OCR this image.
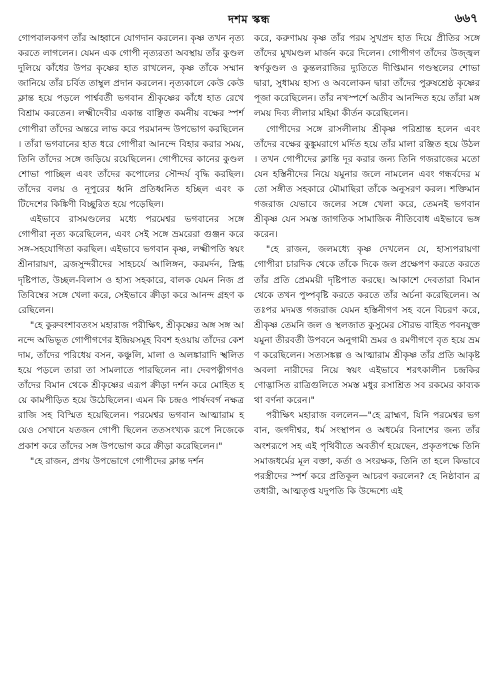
দশম স্কন্ধ	৬৬৭

গোপবালকগণ তাঁর আহ্বানে যোগদান করলেন। কৃষ্ণ তখন নৃত্য করতে লাগলেন। যেমন এক গোপী নৃত্যরতা অবস্থায় তাঁর কুণ্ডল দুলিয়ে কাঁধের উপর কৃষ্ণের হাত রাখলেন, কৃষ্ণ তাঁকে সম্মান জানিয়ে তাঁর চর্বিত তাম্বুল প্রদান করলেন। নৃত্যকালে কেউ কেউ ক্লান্ত হয়ে পড়লে পার্শ্ববর্তী ভগবান শ্রীকৃষ্ণের কাঁধে হাত রেখে বিশ্রাম করতেন। লক্ষ্মীদেবীর একান্ত বাঞ্ছিত কমনীয় বক্ষের স্পর্শ গোপীরা তাঁদের অন্তরে লাভ করে পরমানন্দ উপভোগ করছিলেন। তাঁরা ভগবানের হাত ধরে গোপীরা আনন্দে বিহার করার সময়, তিনি তাঁদের সঙ্গে জড়িয়ে রয়েছিলেন। গোপীদের কানের কুণ্ডল শোভা পাচ্ছিল এবং তাঁদের কপোলের সৌন্দর্য বৃদ্ধি করছিল। তাঁদের বলয় ও নূপুরের ধ্বনি প্রতিধ্বনিত হচ্ছিল এবং কটিদেশের কিঙ্কিণী বিচ্ছুরিত হয়ে পড়েছিল।

এইভাবে রাসমণ্ডলের মধ্যে পরমেশ্বর ভগবানের সঙ্গে গোপীরা নৃত্য করেছিলেন, এবং সেই সঙ্গে ভ্রমরেরা গুঞ্জন করে সঙ্গ-সহযোগিতা করছিল। এইভাবে ভগবান কৃষ্ণ, লক্ষ্মীপতি স্বয়ং শ্রীনারায়ণ, ব্রজসুন্দরীদের সাহচর্যে আলিঙ্গন, করমর্দন, স্নিগ্ধ দৃষ্টিপাত, উচ্ছল-বিলাস ও হাস্য সহকারে, বালক যেমন নিজ প্রতিবিম্বের সঙ্গে খেলা করে, সেইভাবে ক্রীড়া করে আনন্দ গ্রহণ করেছিলেন।

"হে কুরুবংশাবতংস মহারাজ পরীক্ষিৎ, শ্রীকৃষ্ণের অঙ্গ সঙ্গ আনন্দে অভিভূত গোপীগণের ইন্দ্রিয়সমূহ বিবশ হওয়ায় তাঁদের কেশদাম, তাঁদের পরিধেয় বসন, কঞ্চুলি, মালা ও অলঙ্কারাদি স্খলিত হয়ে পড়লে তারা তা সামলাতে পারছিলেন না। দেবপত্নীগণও তাঁদের বিমান থেকে শ্রীকৃষ্ণের এরূপ ক্রীড়া দর্শন করে মোহিত হয়ে কামপীড়িত হয়ে উঠেছিলেন। এমন কি চন্দ্রও পার্ষদবর্গ নক্ষত্ররাজি সহ বিস্মিত হয়েছিলেন। পরমেশ্বর ভগবান আত্মারাম হয়েও সেখানে যতজন গোপী ছিলেন ততসংখ্যক রূপে নিজেকে প্রকাশ করে তাঁদের সঙ্গ উপভোগ করে ক্রীড়া করেছিলেন।"

"হে রাজন, প্রণয় উপভোগে গোপীদের ক্লান্ত দর্শন

করে, করুণাময় কৃষ্ণ তাঁর পরম সুখপ্রদ হাত দিয়ে প্রীতির সঙ্গে তাঁদের মুখমণ্ডল মার্জন করে দিলেন। গোপীগণ তাঁদের উজ্জ্বল স্বর্ণকুণ্ডল ও কুন্তলরাজির দ্যুতিতে দীপ্তিমান গণ্ডস্থলের শোভা দ্বারা, সুধাময় হাস্য ও অবলোকন দ্বারা তাঁদের পুরুষশ্রেষ্ঠ কৃষ্ণের পূজা করেছিলেন। তাঁর নখস্পর্শে অতীব আনন্দিত হয়ে তাঁরা মঙ্গলময় দিব্য লীলার মহিমা কীর্তন করেছিলেন।

গোপীদের সঙ্গে রাসলীলায় শ্রীকৃষ্ণ পরিশ্রান্ত হলেন এবং তাঁদের বক্ষের কুঙ্কুমরাগে মর্দিত হয়ে তাঁর মালা রঞ্জিত হয়ে উঠল। তখন গোপীদের ক্লান্তি দূর করার জন্য তিনি গজরাজের মতো যেন হস্তিনীদের নিয়ে যমুনার জলে নামলেন এবং গন্ধর্বদের মতো সঙ্গীত সহকারে মৌমাছিরা তাঁকে অনুসরণ করল। শক্তিমান গজরাজ যেভাবে জলের সঙ্গে খেলা করে, তেমনই ভগবান শ্রীকৃষ্ণ যেন সমস্ত জাগতিক সামাজিক নীতিবোধ এইভাবে ভঙ্গ করেন।

"হে রাজন, জলমধ্যে কৃষ্ণ দেখলেন যে, হাস্যপরায়ণা গোপীরা চারদিক থেকে তাঁকে দিকে জল প্রক্ষেপণ করতে করতে তাঁর প্রতি প্রেমময়ী দৃষ্টিপাত করছে। আকাশে দেবতারা বিমান থেকে তখন পুষ্পবৃষ্টি করতে করতে তাঁর অর্চনা করেছিলেন। অতঃপর মদমত্ত গজরাজ যেমন হস্তিনীগণ সহ বনে বিচরণ করে, শ্রীকৃষ্ণ তেমনি জল ও স্থলজাত কুসুমের সৌরভ বাহিত পবনযুক্ত যমুনা তীরবর্তী উপবনে অনুগামী ভ্রমর ও রমণীগণে বৃত হয়ে ভ্রমণ করেছিলেন। সত্যসঙ্কল্প ও আত্মারাম শ্রীকৃষ্ণ তাঁর প্রতি আকৃষ্ট অবলা নারীদের নিয়ে স্বয়ং এইভাবে শরৎকালীন চন্দ্রকিরণোদ্ভাসিত রাত্রিগুলিতে সমস্ত মধুর রসাশ্রিত সব রকমের কাব্যকথা বর্ণনা করেন।"

পরীক্ষিৎ মহারাজ বললেন—"হে ব্রাহ্মণ, যিনি পরমেশ্বর ভগবান, জগদীশ্বর, ধর্ম সংস্থাপন ও অধর্মের বিনাশের জন্য তাঁর অংশরূপে সহ এই পৃথিবীতে অবতীর্ণ হয়েছেন, প্রকৃতপক্ষে তিনি সমাজধর্মের মূল বক্তা, কর্তা ও সংরক্ষক, তিনি তা হলে কিভাবে পরস্ত্রীদের স্পর্শ করে প্রতিকূল আচরণ করলেন? হে নিষ্ঠাবান ব্রতধারী, আত্মতৃপ্ত যদুপতি কি উদ্দেশ্যে এই
